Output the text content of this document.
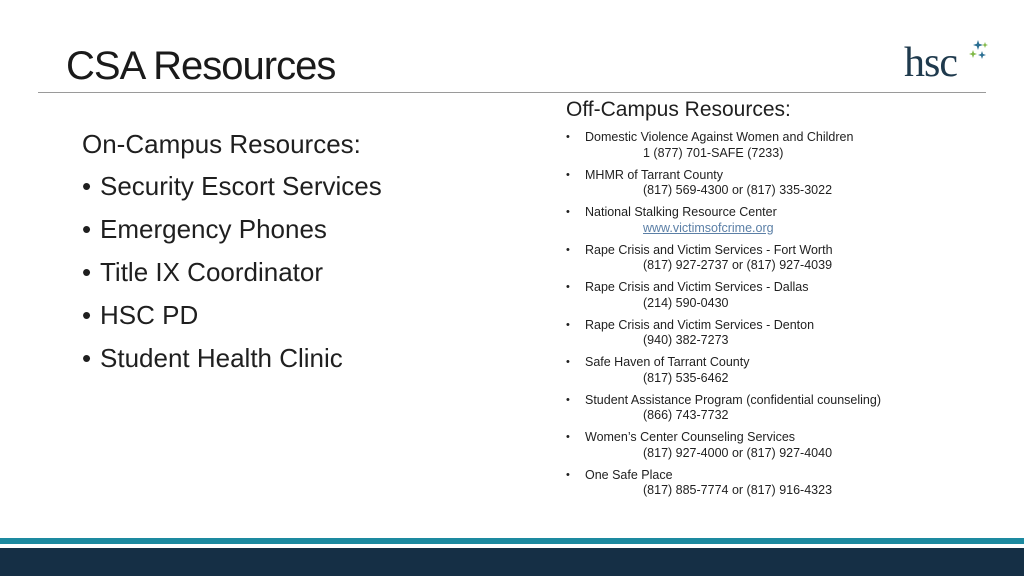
CSA Resources	hsc
On-Campus Resources:
• Security Escort Services
• Emergency Phones
• Title IX Coordinator
• HSC PD
• Student Health Clinic
Off-Campus Resources:
•	Domestic Violence Against Women and Children
1 (877) 701-SAFE (7233)
•	MHMR of Tarrant County
(817) 569-4300 or (817) 335-3022
•	National Stalking Resource Center
www.victimsofcrime.org
•	Rape Crisis and Victim Services - Fort Worth
(817) 927-2737 or (817) 927-4039
•	Rape Crisis and Victim Services - Dallas
(214) 590-0430
•	Rape Crisis and Victim Services - Denton
(940) 382-7273
•	Safe Haven of Tarrant County
(817) 535-6462
•	Student Assistance Program (confidential counseling)
(866) 743-7732
•	Women’s Center Counseling Services
(817) 927-4000 or (817) 927-4040
•	One Safe Place
(817) 885-7774 or (817) 916-4323
